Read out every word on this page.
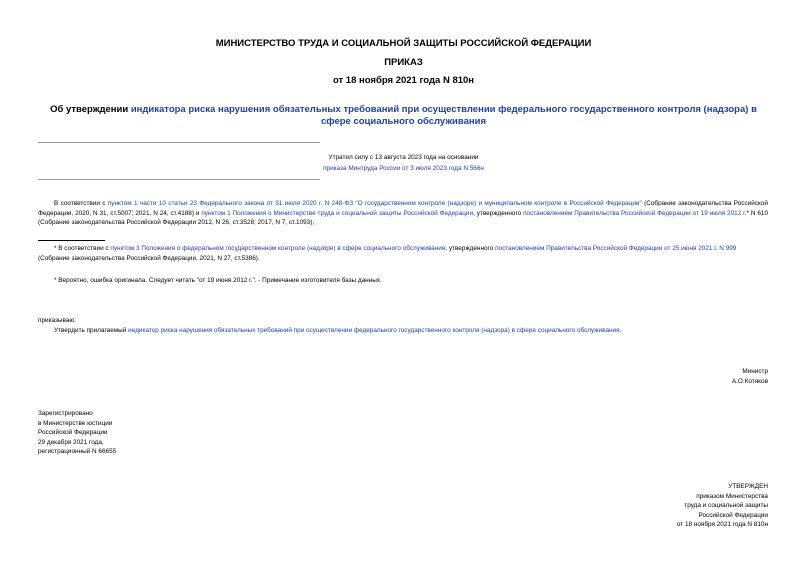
МИНИСТЕРСТВО ТРУДА И СОЦИАЛЬНОЙ ЗАЩИТЫ РОССИЙСКОЙ ФЕДЕРАЦИИ
ПРИКАЗ
от 18 ноября 2021 года N 810н
Об утверждении индикатора риска нарушения обязательных требований при осуществлении федерального государственного контроля (надзора) в сфере социального обслуживания
Утратил силу с 13 августа 2023 года на основании
приказа Минтруда России от 3 июля 2023 года N 566н
В соответствии с пунктом 1 части 10 статьи 23 Федерального закона от 31 июля 2020 г. N 248-ФЗ "О государственном контроле (надзоре) и муниципальном контроле в Российской Федерации" (Собрание законодательства Российской Федерации, 2020, N 31, ст.5007; 2021, N 24, ст.4188) и пунктом 1 Положения о Министерстве труда и социальной защиты Российской Федерации, утвержденного постановлением Правительства Российской Федерации от 19 июля 2012 г.* N 610 (Собрание законодательства Российской Федерации 2012, N 26, ст.3528; 2017, N 7, ст.1093),
* В соответствии с пунктом 3 Положения о федеральном государственном контроле (надзоре) в сфере социального обслуживания, утвержденного постановлением Правительства Российской Федерации от 25 июня 2021 г. N 999 (Собрание законодательства Российской Федерации, 2021, N 27, ст.5386).
* Вероятно, ошибка оригинала. Следует читать "от 19 июня 2012 г.". - Примечание изготовителя базы данных.
приказываю:
Утвердить прилагаемый индикатор риска нарушения обязательных требований при осуществлении федерального государственного контроля (надзора) в сфере социального обслуживания.
Министр
А.О.Котяков
Зарегистрировано
в Министерстве юстиции
Российской Федерации
29 декабря 2021 года,
регистрационный N 66655
УТВЕРЖДЕН
приказом Министерства
труда и социальной защиты
Российской Федерации
от 18 ноября 2021 года N 810н
